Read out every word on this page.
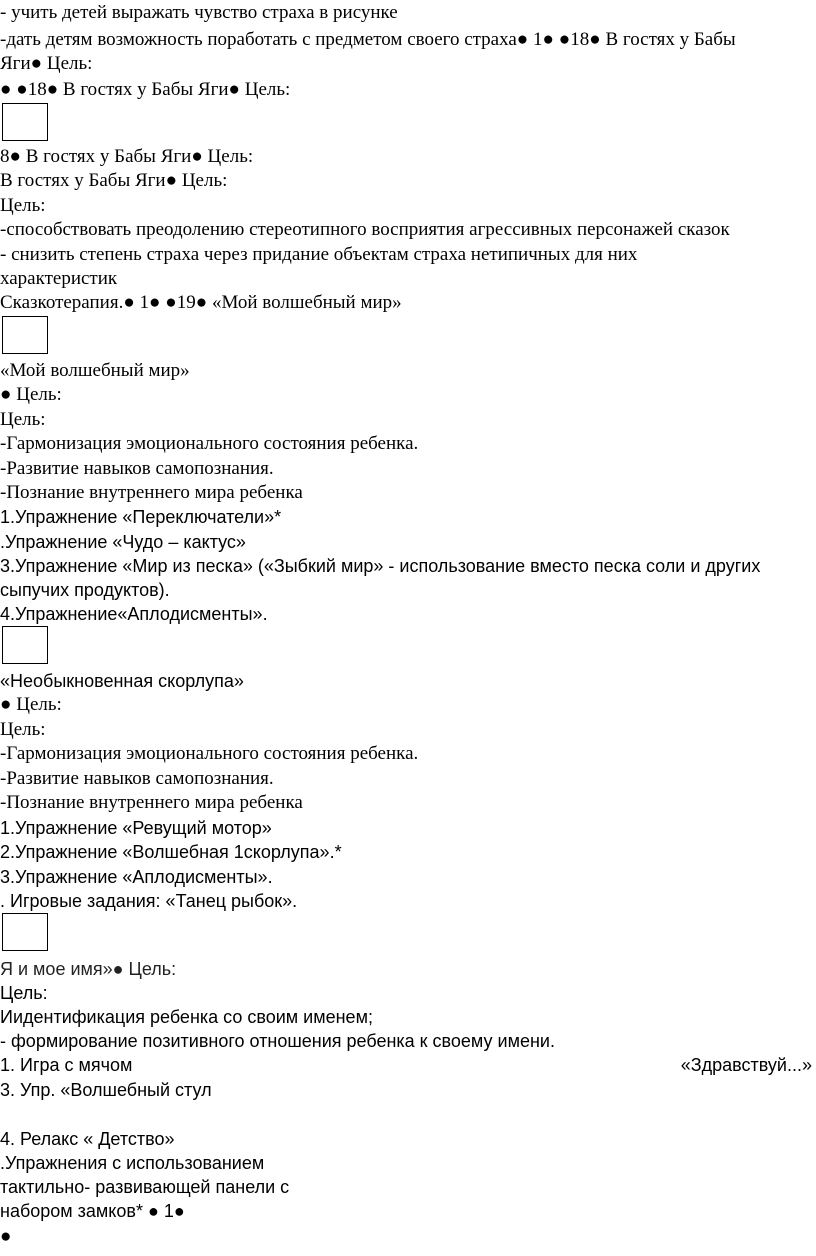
- учить детей выражать чувство страха в рисунке
-дать детям возможность поработать с предметом своего страха● 1● ●18● В гостях у Бабы
Яги● Цель:
● ●18● В гостях у Бабы Яги● Цель:
8● В гостях у Бабы Яги● Цель:
В гостях у Бабы Яги● Цель:
Цель:
-способствовать преодолению стереотипного восприятия агрессивных персонажей сказок
- снизить степень страха через придание объектам страха нетипичных для них
характеристик
Сказкотерапия.● 1● ●19● «Мой волшебный мир»
«Мой волшебный мир»
● Цель:
Цель:
-Гармонизация эмоционального состояния ребенка.
-Развитие навыков самопознания.
-Познание внутреннего мира ребенка
1.Упражнение «Переключатели»*
.Упражнение «Чудо – кактус»
3.Упражнение «Мир из песка» («Зыбкий мир» - использование вместо песка соли и других
сыпучих продуктов).
4.Упражнение«Аплодисменты».
«Необыкновенная скорлупа»
● Цель:
Цель:
-Гармонизация эмоционального состояния ребенка.
-Развитие навыков самопознания.
-Познание внутреннего мира ребенка
1.Упражнение «Ревущий мотор»
2.Упражнение «Волшебная 1скорлупа».*
3.Упражнение «Аплодисменты».
. Игровые задания: «Танец рыбок».
Я и мое имя»● Цель:
Цель:
Иидентификация ребенка со своим именем;
- формирование позитивного отношения ребенка к своему имени.
1. Игра с мячом	«Здравствуй...»
3. Упр. «Волшебный стул
4. Релакс « Детство»
.Упражнения с использованием
тактильно- развивающей панели с
набором замков* ● 1●
●
